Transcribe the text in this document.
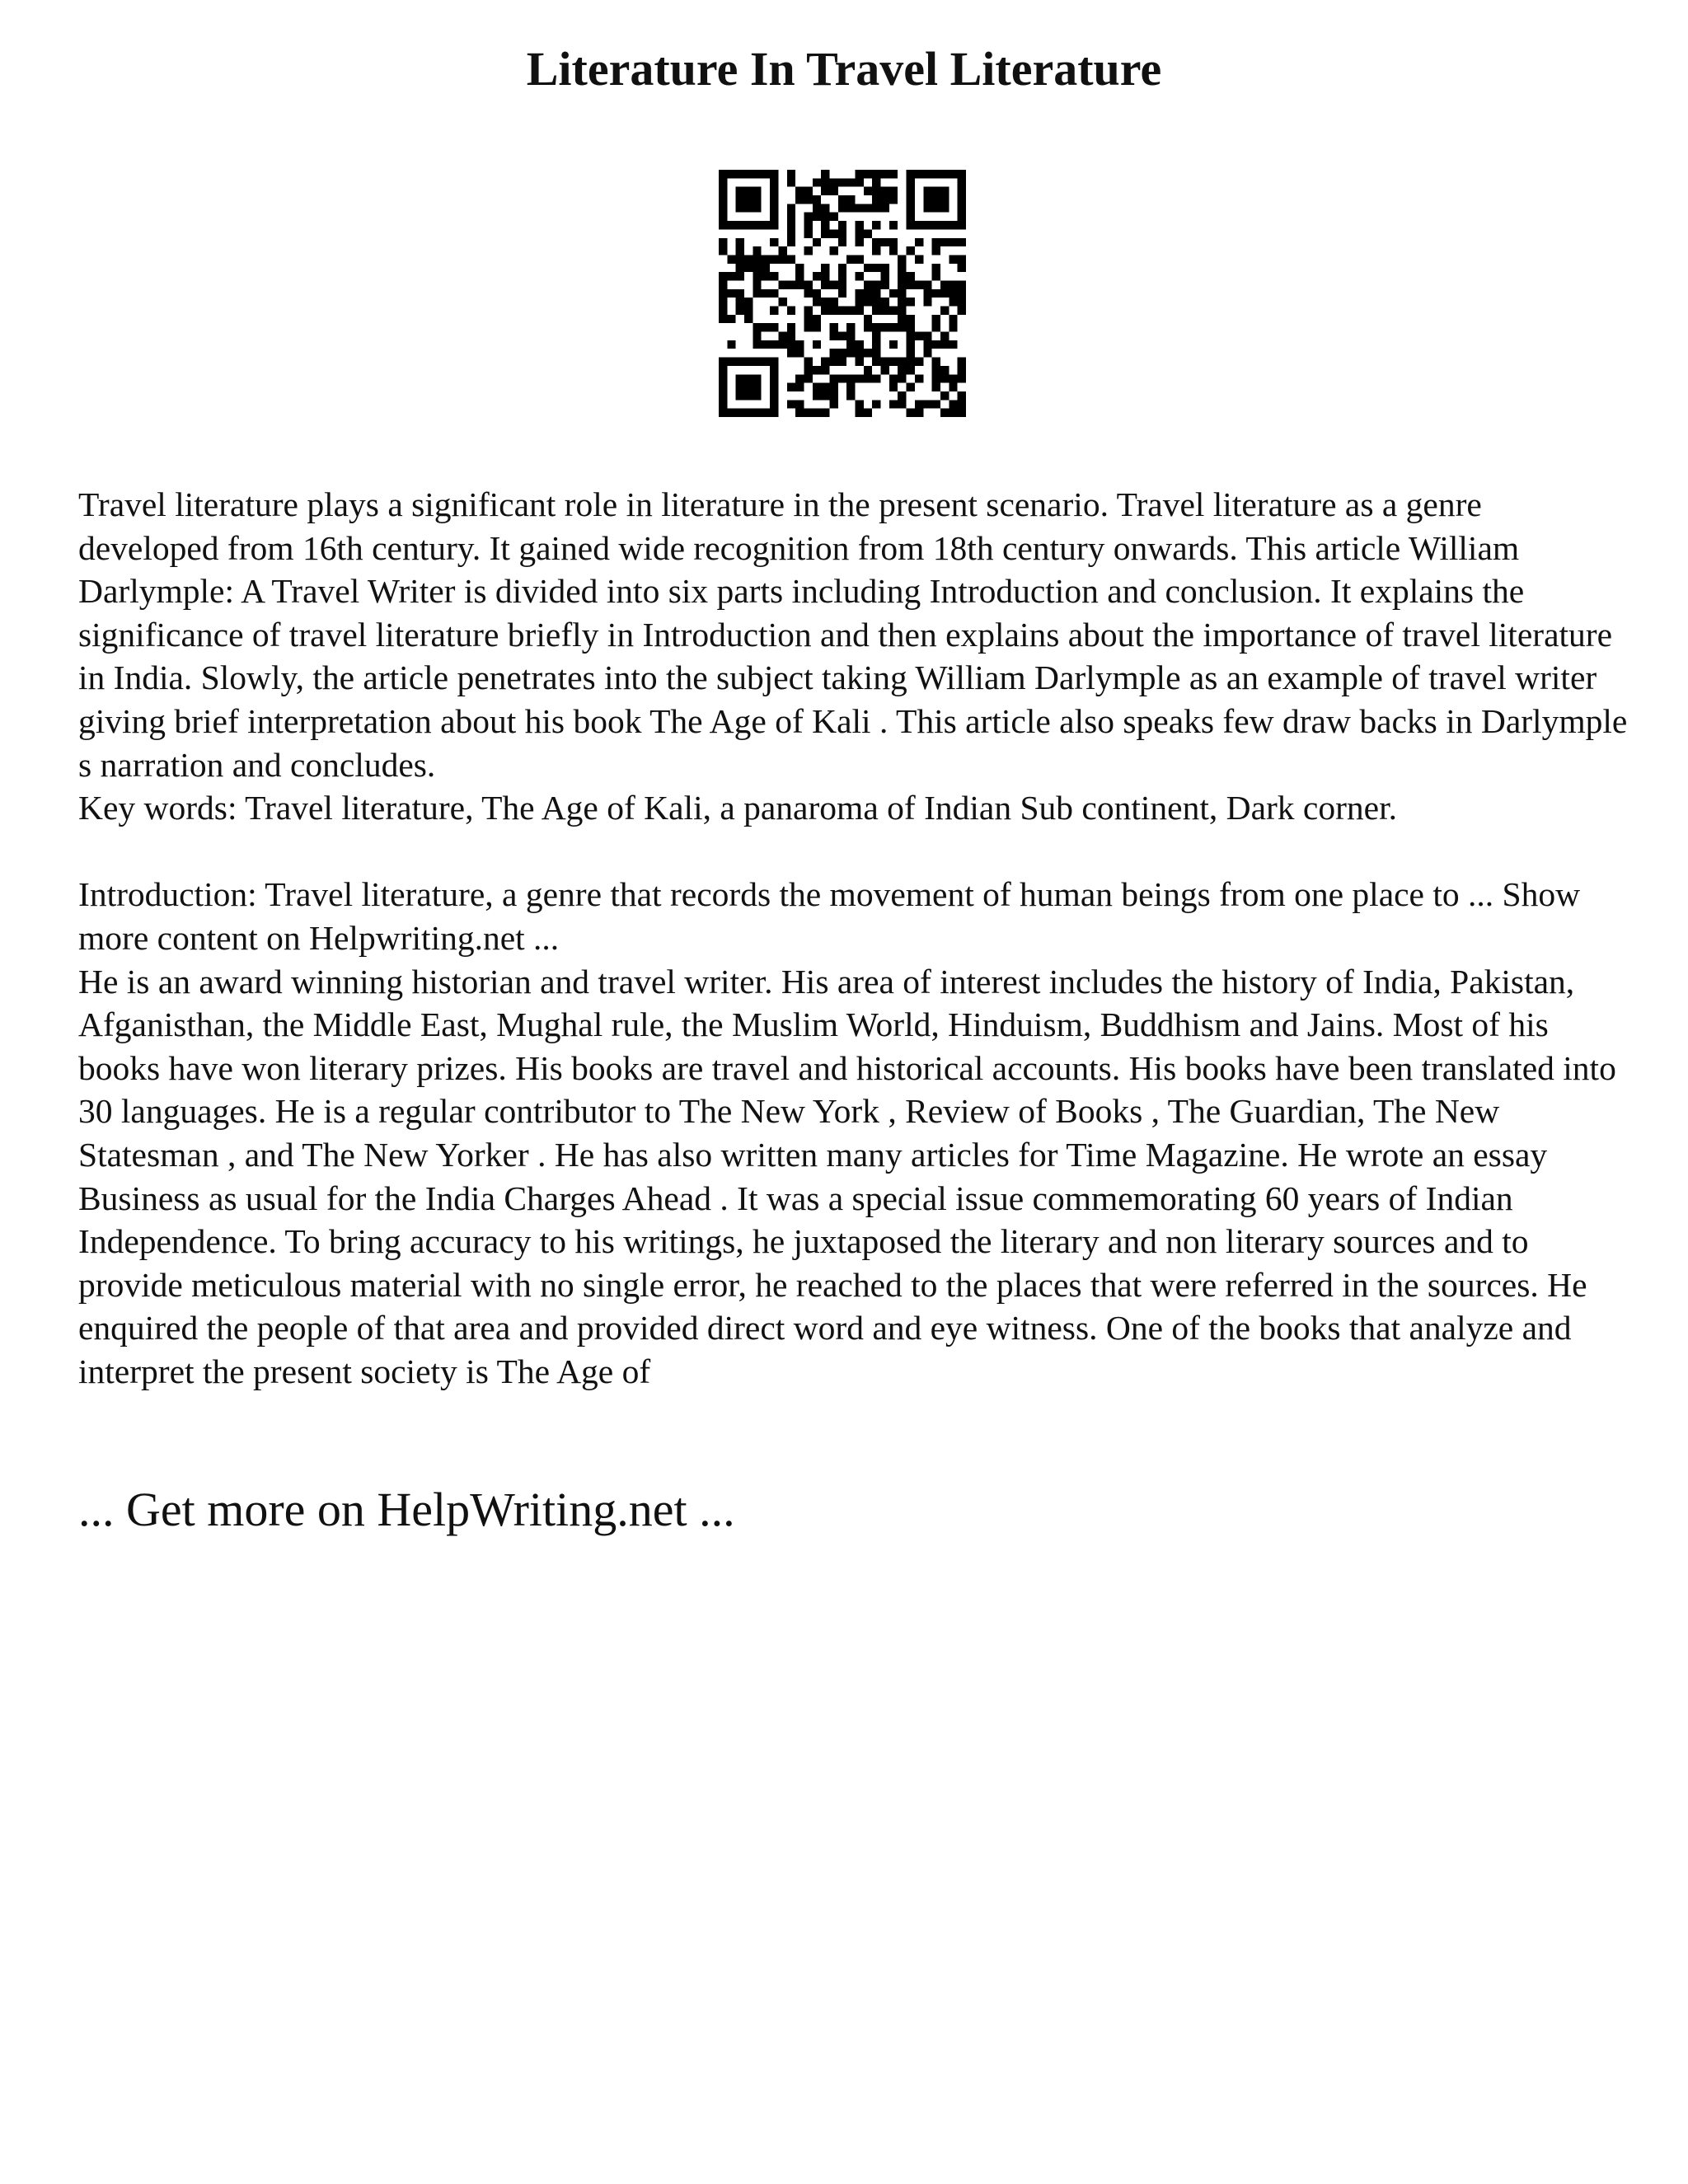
Literature In Travel Literature

Travel literature plays a significant role in literature in the present scenario. Travel literature as a genre developed from 16th century. It gained wide recognition from 18th century onwards. This article William Darlymple: A Travel Writer is divided into six parts including Introduction and conclusion. It explains the significance of travel literature briefly in Introduction and then explains about the importance of travel literature in India. Slowly, the article penetrates into the subject taking William Darlymple as an example of travel writer giving brief interpretation about his book The Age of Kali . This article also speaks few draw backs in Darlymple s narration and concludes.

Key words: Travel literature, The Age of Kali, a panaroma of Indian Sub continent, Dark corner.

Introduction: Travel literature, a genre that records the movement of human beings from one place to ... Show more content on Helpwriting.net ...

He is an award winning historian and travel writer. His area of interest includes the history of India, Pakistan, Afganisthan, the Middle East, Mughal rule, the Muslim World, Hinduism, Buddhism and Jains. Most of his books have won literary prizes. His books are travel and historical accounts. His books have been translated into 30 languages. He is a regular contributor to The New York , Review of Books , The Guardian, The New Statesman , and The New Yorker . He has also written many articles for Time Magazine. He wrote an essay Business as usual for the India Charges Ahead . It was a special issue commemorating 60 years of Indian Independence. To bring accuracy to his writings, he juxtaposed the literary and non literary sources and to provide meticulous material with no single error, he reached to the places that were referred in the sources. He enquired the people of that area and provided direct word and eye witness. One of the books that analyze and interpret the present society is The Age of

... Get more on HelpWriting.net ...
